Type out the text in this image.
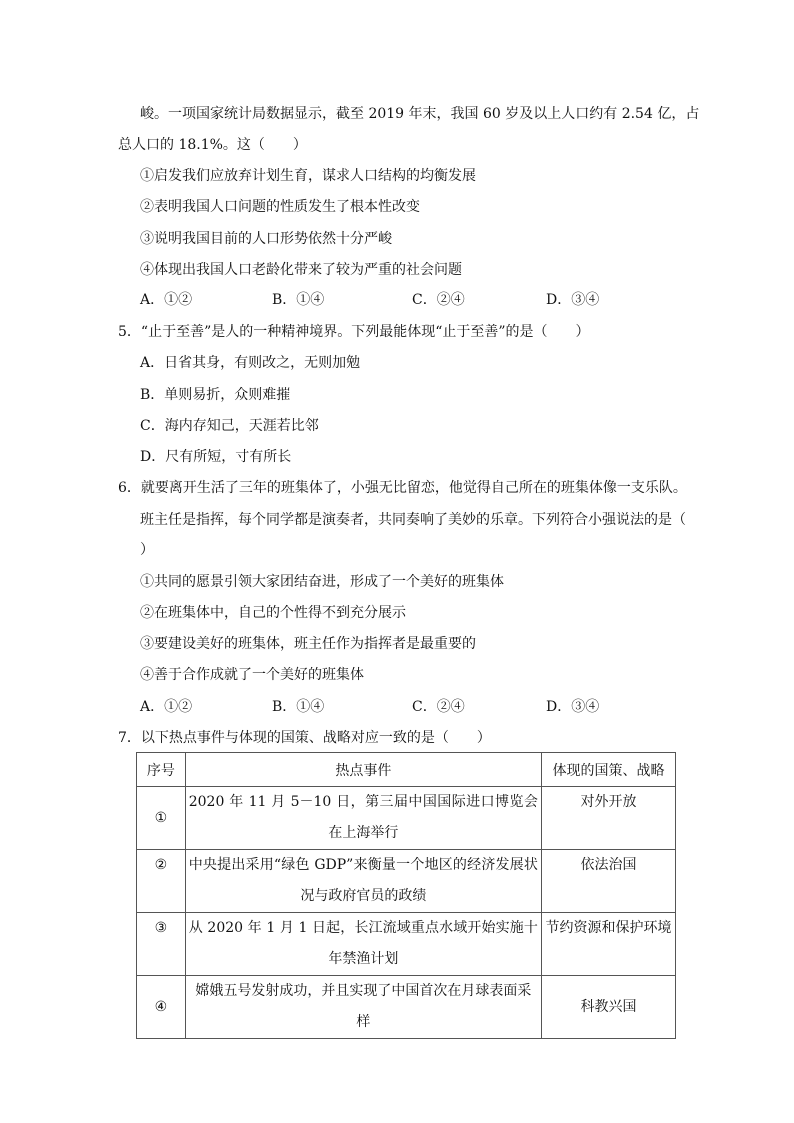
峻。一项国家统计局数据显示，截至 2019 年末，我国 60 岁及以上人口约有 2.54 亿，占
总人口的 18.1%。这（　　）
①启发我们应放弃计划生育，谋求人口结构的均衡发展
②表明我国人口问题的性质发生了根本性改变
③说明我国目前的人口形势依然十分严峻
④体现出我国人口老龄化带来了较为严重的社会问题
A．①②	B．①④	C．②④	D．③④
5．“止于至善”是人的一种精神境界。下列最能体现“止于至善”的是（　　）
A．日省其身，有则改之，无则加勉
B．单则易折，众则难摧
C．海内存知己，天涯若比邻
D．尺有所短，寸有所长
6．就要离开生活了三年的班集体了，小强无比留恋，他觉得自己所在的班集体像一支乐队。
班主任是指挥，每个同学都是演奏者，共同奏响了美妙的乐章。下列符合小强说法的是（
）
①共同的愿景引领大家团结奋进，形成了一个美好的班集体
②在班集体中，自己的个性得不到充分展示
③要建设美好的班集体，班主任作为指挥者是最重要的
④善于合作成就了一个美好的班集体
A．①②	B．①④	C．②④	D．③④
7．以下热点事件与体现的国策、战略对应一致的是（　　）
序号	热点事件	体现的国策、战略
①	2020 年 11 月 5－10 日，第三届中国国际进口博览会在上海举行	对外开放
②	中央提出采用“绿色 GDP”来衡量一个地区的经济发展状况与政府官员的政绩	依法治国
③	从 2020 年 1 月 1 日起，长江流域重点水域开始实施十年禁渔计划	节约资源和保护环境
④	嫦娥五号发射成功，并且实现了中国首次在月球表面采样	科教兴国
